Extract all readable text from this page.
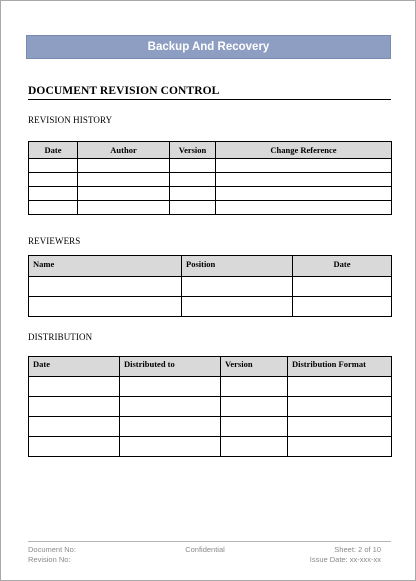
Backup And Recovery
DOCUMENT REVISION CONTROL
REVISION HISTORY
Date	Author	Version	Change Reference

REVIEWERS
Name	Position	Date

DISTRIBUTION
Date	Distributed to	Version	Distribution Format

Document No:
Revision No:
Confidential	Sheet: 2 of 10
Issue Date: xx-xxx-xx
